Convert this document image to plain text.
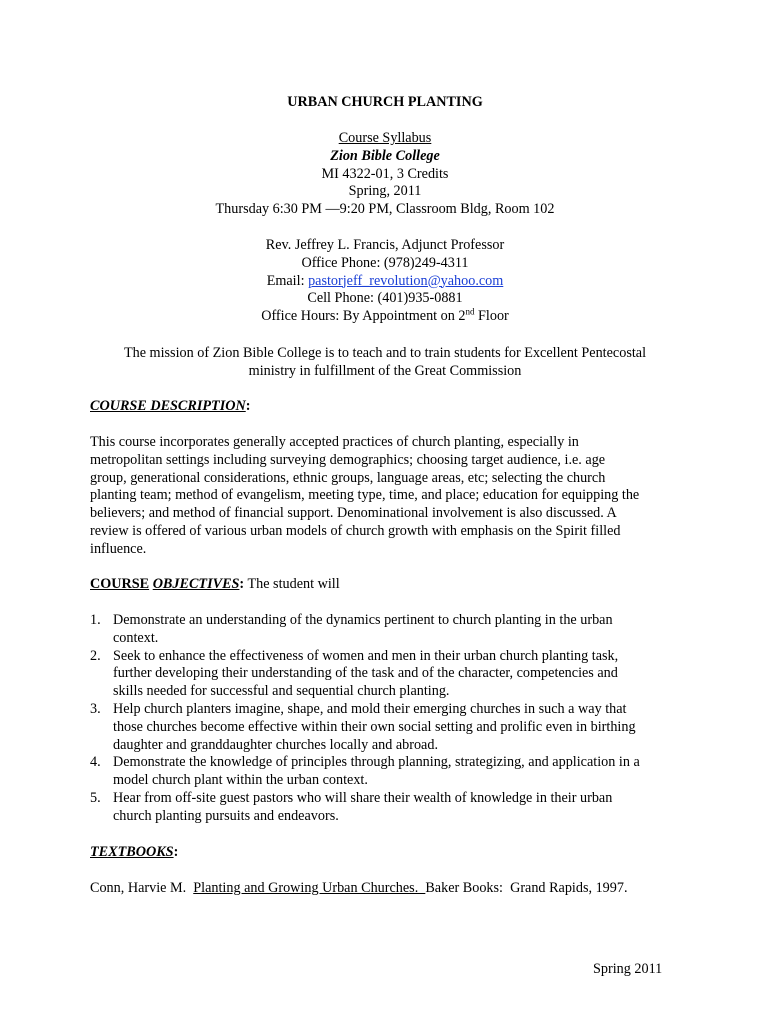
URBAN CHURCH PLANTING
Course Syllabus
Zion Bible College
MI 4322-01, 3 Credits
Spring, 2011
Thursday 6:30 PM —9:20 PM, Classroom Bldg, Room 102
Rev. Jeffrey L. Francis, Adjunct Professor
Office Phone: (978)249-4311
Email: pastorjeff_revolution@yahoo.com
Cell Phone: (401)935-0881
Office Hours: By Appointment on 2nd Floor
The mission of Zion Bible College is to teach and to train students for Excellent Pentecostal
ministry in fulfillment of the Great Commission
COURSE DESCRIPTION:
This course incorporates generally accepted practices of church planting, especially in
metropolitan settings including surveying demographics; choosing target audience, i.e. age
group, generational considerations, ethnic groups, language areas, etc; selecting the church
planting team; method of evangelism, meeting type, time, and place; education for equipping the
believers; and method of financial support. Denominational involvement is also discussed. A
review is offered of various urban models of church growth with emphasis on the Spirit filled
influence.
COURSE OBJECTIVES: The student will
1. Demonstrate an understanding of the dynamics pertinent to church planting in the urban
context.
2. Seek to enhance the effectiveness of women and men in their urban church planting task,
further developing their understanding of the task and of the character, competencies and
skills needed for successful and sequential church planting.
3. Help church planters imagine, shape, and mold their emerging churches in such a way that
those churches become effective within their own social setting and prolific even in birthing
daughter and granddaughter churches locally and abroad.
4. Demonstrate the knowledge of principles through planning, strategizing, and application in a
model church plant within the urban context.
5. Hear from off-site guest pastors who will share their wealth of knowledge in their urban
church planting pursuits and endeavors.
TEXTBOOKS:
Conn, Harvie M.  Planting and Growing Urban Churches.  Baker Books:  Grand Rapids, 1997.
Spring 2011
